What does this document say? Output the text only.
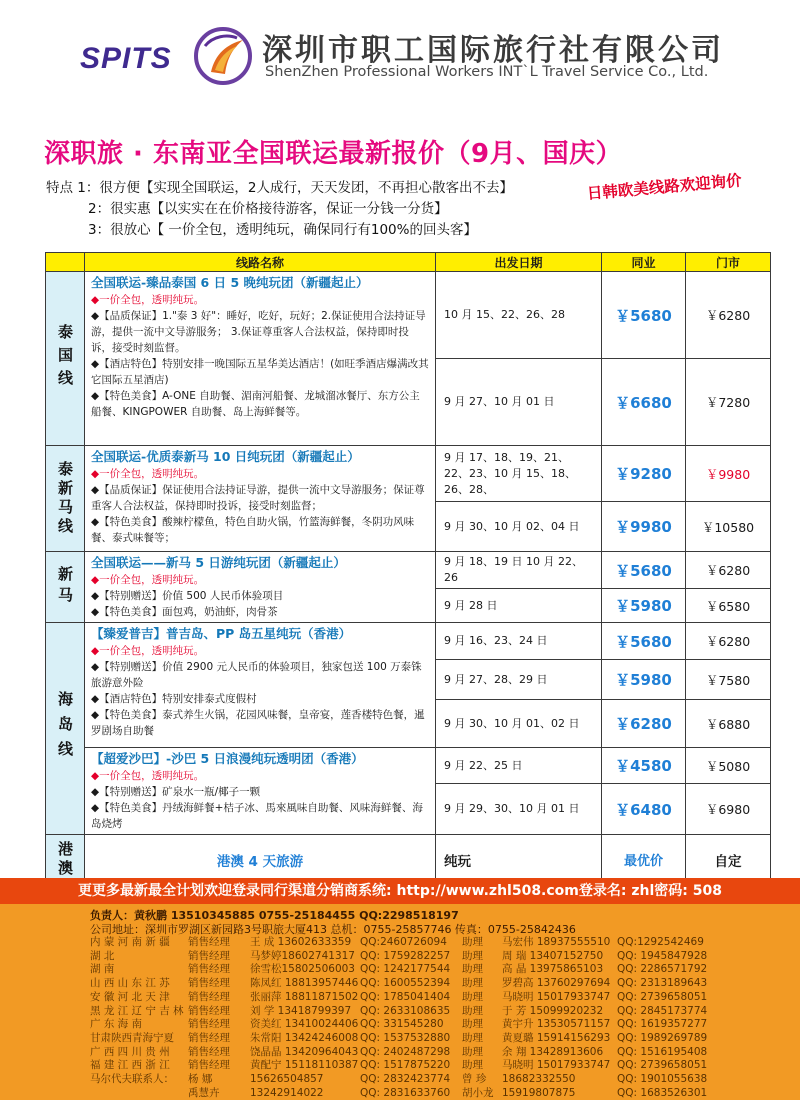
SPITS	深圳市职工国际旅行社有限公司
ShenZhen Professional Workers INT`L Travel Service Co., Ltd.
深职旅 · 东南亚全国联运最新报价（9月、国庆）
特点 1：很方便【实现全国联运，2人成行，天天发团，不再担心散客出不去】
2：很实惠【以实实在在价格接待游客，保证一分钱一分货】
3：很放心【 一价全包，透明纯玩，确保同行有100%的回头客】
日韩欧美线路欢迎询价
	线路名称	出发日期	同业	门市
泰国线	全国联运-臻品泰国 6 日 5 晚纯玩团（新疆起止）
◆一价全包，透明纯玩。
◆【品质保证】1."泰 3 好"：睡好，吃好，玩好；2.保证使用合法持证导游，提供一流中文导游服务； 3.保证尊重客人合法权益，保持即时投诉，接受时刻监督。
◆【酒店特色】特别安排一晚国际五星华美达酒店！(如旺季酒店爆满改其它国际五星酒店)
◆【特色美食】A-ONE 自助餐、湄南河船餐、龙城溜冰餐厅、东方公主船餐、KINGPOWER 自助餐、岛上海鲜餐等。	10 月 15、22、26、28	￥5680	￥6280
		9 月 27、10 月 01 日	￥6680	￥7280
泰新马线	全国联运-优质泰新马 10 日纯玩团（新疆起止）
◆一价全包，透明纯玩。
◆【品质保证】保证使用合法持证导游，提供一流中文导游服务；保证尊重客人合法权益，保持即时投诉，接受时刻监督；
◆【特色美食】酸辣柠檬鱼，特色自助火锅，竹篮海鲜餐，冬阴功风味餐、泰式味餐等；	9 月 17、18、19、21、22、23、10 月 15、18、26、28、	￥9280	￥9980
		9 月 30、10 月 02、04 日	￥9980	￥10580
新马	全国联运——新马 5 日游纯玩团（新疆起止）
◆一价全包，透明纯玩。
◆【特别赠送】价值 500 人民币体验项目
◆【特色美食】面包鸡，奶油虾，肉骨茶	9 月 18、19 日 10 月 22、26	￥5680	￥6280
		9 月 28 日	￥5980	￥6580
海岛线	【臻爱普吉】普吉岛、PP 岛五星纯玩（香港）
◆一价全包，透明纯玩。
◆【特别赠送】价值 2900 元人民币的体验项目，独家包送 100 万泰铢旅游意外险
◆【酒店特色】特别安排泰式度假村
◆【特色美食】泰式养生火锅，花园风味餐，皇帝宴，莲香楼特色餐，暹罗剧场自助餐	9 月 16、23、24 日	￥5680	￥6280
		9 月 27、28、29 日	￥5980	￥7580
		9 月 30、10 月 01、02 日	￥6280	￥6880

	【超爱沙巴】-沙巴 5 日浪漫纯玩透明团（香港）
◆一价全包，透明纯玩。
◆【特别赠送】矿泉水一瓶/椰子一颗
◆【特色美食】丹绒海鲜餐+桔子冰、馬來風味自助餐、风味海鲜餐、海岛烧烤	9 月 22、25 日	￥4580	￥5080
		9 月 29、30、10 月 01 日	￥6480	￥6980
港澳	港澳 4 天旅游	纯玩	最优价	自定
更更多最新最全计划欢迎登录同行渠道分销商系统: http://www.zhl508.com登录名: zhl密码: 508
负责人：黄秋鹏 13510345885 0755-25184455 QQ:2298518197
公司地址：深圳市罗湖区新园路3号职旅大厦413 总机：0755-25857746 传真：0755-25842436
内 蒙 河 南 新 疆 销售经理 王 成 13602633359 QQ:2460726094 助理 马宏伟 18937555510 QQ:1292542469
湖 北	销售经理 马梦婷18602741317 QQ: 1759282257 助理 周 瑞 13407152750 QQ: 1945847928
湖 南	销售经理 徐雪松15802506003 QQ: 1242177544 助理 高 晶 13975865103 QQ: 2286571792
山 西 山 东 江 苏 销售经理 陈凤红 18813957446 QQ: 1600552394 助理 罗碧高 13760297694 QQ: 2313189643
安 徽 河 北 天 津 销售经理 张丽萍 18811871502 QQ: 1785041404 助理 马晓明 15017933747 QQ: 2739658051
黑 龙 江 辽 宁 吉 林 销售经理 刘 学 13418799397 QQ: 2633108635 助理 于 芳 15099920232 QQ: 2845173774
广 东 海 南	销售经理 资美红 13410024406 QQ: 331545280 助理 黄宇升 13530571157 QQ: 1619357277
甘肃陕西青海宁夏 销售经理 朱常阳 13424246008 QQ: 1537532880 助理 黄夏璐 15914156293 QQ: 1989269789
广 西 四 川 贵 州 销售经理 饶晶晶 13420964043 QQ: 2402487298 助理 余 翔 13428913606 QQ: 1516195408
福 建 江 西 浙 江 销售经理 黄配宁 15118110387 QQ: 1517875220 助理 马晓明 15017933747 QQ: 2739658051
马尔代夫联系人： 杨 娜	15626504857	QQ: 2832423774 曾 珍 18682332550	QQ: 1901055638
禹慧卉	13242914022	QQ: 2831633760 胡小龙 15919807875	QQ: 1683526301
